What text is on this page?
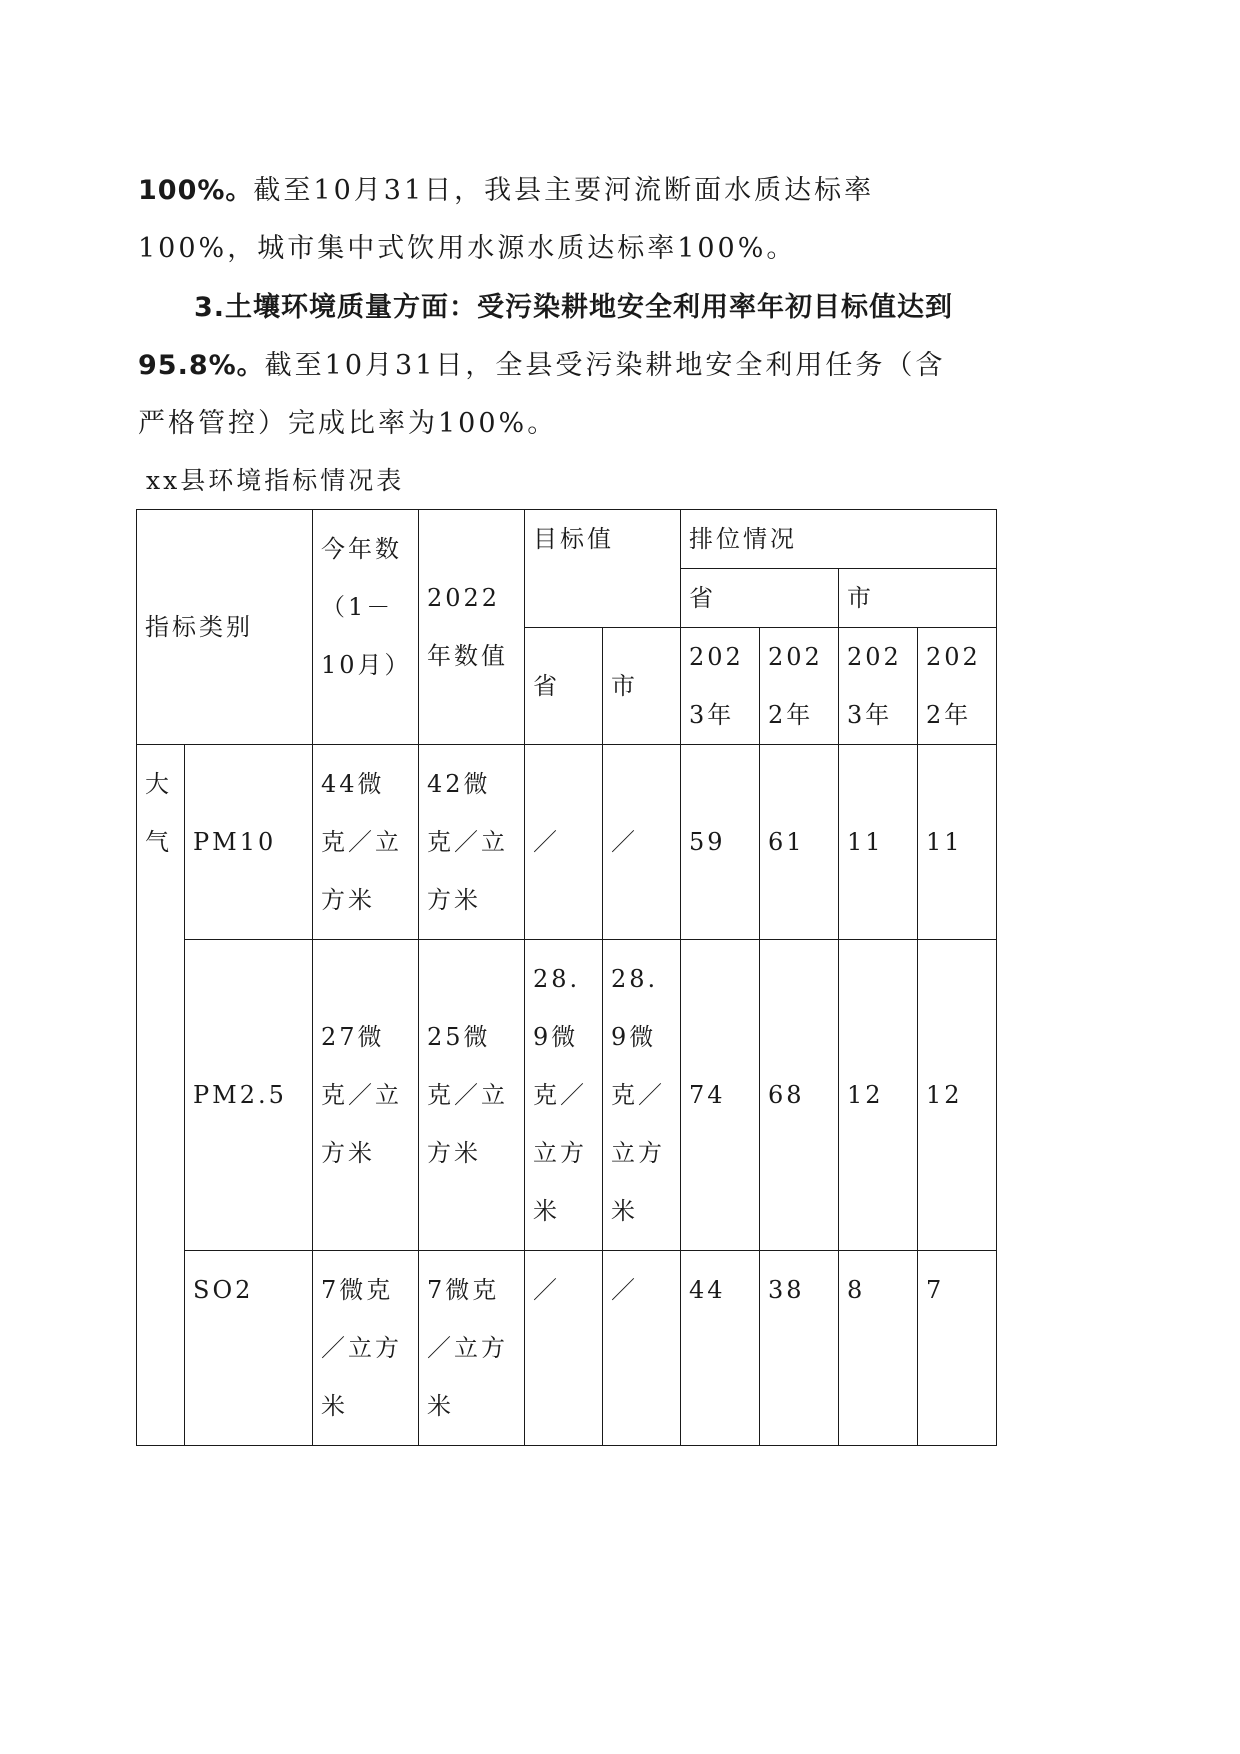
100%。截至10月31日，我县主要河流断面水质达标率100%，城市集中式饮用水源水质达标率100%。

3.土壤环境质量方面：受污染耕地安全利用率年初目标值达到95.8%。截至10月31日，全县受污染耕地安全利用任务（含严格管控）完成比率为100%。

xx县环境指标情况表

指标类别		今年数（1－10月）	2022年数值	目标值		排位情况			
						省		市	
				省	市	2023年	2022年	2023年	2022年
大气	PM10	44微克／立方米	42微克／立方米	／	／	59	61	11	11
	PM2.5	27微克／立方米	25微克／立方米	28.9微克／立方米	28.9微克／立方米	74	68	12	12
	SO2	7微克／立方米	7微克／立方米	／	／	44	38	8	7
